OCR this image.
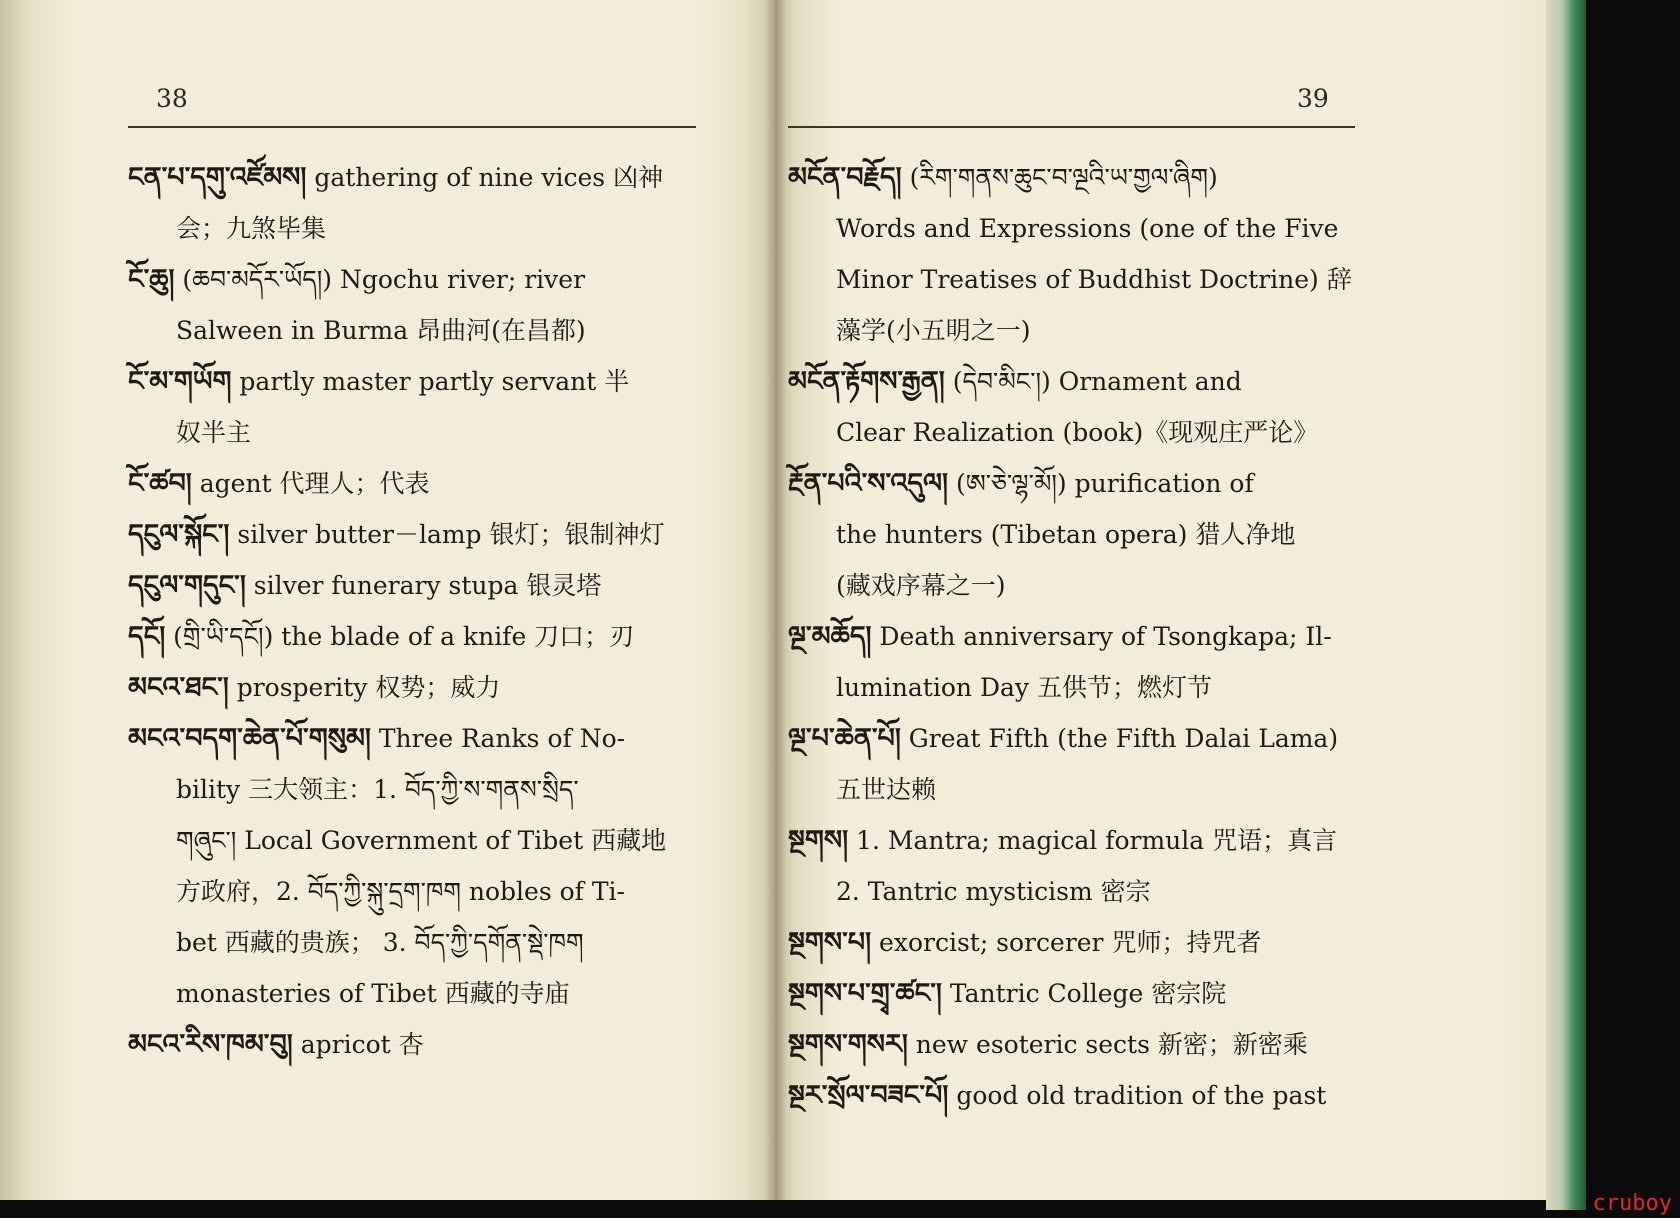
38
ངན་པ་དགུ་འཛོམས། gathering of nine vices 凶神
会；九煞毕集
ངོ་ཆུ། (ཆབ་མདོར་ཡོད།) Ngochu river; river
Salween in Burma 昂曲河(在昌都)
ངོ་མ་གཡོག partly master partly servant 半
奴半主
ངོ་ཚབ། agent 代理人；代表
དངུལ་སྐོང་། silver butter－lamp 银灯；银制神灯
དངུལ་གདུང་། silver funerary stupa 银灵塔
དངོ། (གྲི་ཡི་དངོ།) the blade of a knife 刀口；刃
མངའ་ཐང་། prosperity 权势；威力
མངའ་བདག་ཆེན་པོ་གསུམ། Three Ranks of No-
bility 三大领主：1. བོད་ཀྱི་ས་གནས་སྲིད་
གཞུང་། Local Government of Tibet 西藏地
方政府，2. བོད་ཀྱི་སྐུ་དྲག་ཁག nobles of Ti-
bet 西藏的贵族； 3. བོད་ཀྱི་དགོན་སྡེ་ཁག
monasteries of Tibet 西藏的寺庙
མངའ་རིས་ཁམ་བུ། apricot 杏
39
མངོན་བརྗོད། (རིག་གནས་ཆུང་བ་ལྔའི་ཡ་གྱལ་ཞིག)
Words and Expressions (one of the Five
Minor Treatises of Buddhist Doctrine) 辞
藻学(小五明之一)
མངོན་རྟོགས་རྒྱན། (དེབ་མིང་།) Ornament and
Clear Realization (book)《现观庄严论》
རྔོན་པའི་ས་འདུལ། (ཨ་ཅེ་ལྷ་མོ།) purification of
the hunters (Tibetan opera) 猎人净地
(藏戏序幕之一)
ལྔ་མཆོད། Death anniversary of Tsongkapa; Il-
lumination Day 五供节；燃灯节
ལྔ་པ་ཆེན་པོ། Great Fifth (the Fifth Dalai Lama)
五世达赖
སྔགས། 1. Mantra; magical formula 咒语；真言
2. Tantric mysticism 密宗
སྔགས་པ། exorcist; sorcerer 咒师；持咒者
སྔགས་པ་གྲྭ་ཚང་། Tantric College 密宗院
སྔགས་གསར། new esoteric sects 新密；新密乘
སྔར་སྲོལ་བཟང་པོ། good old tradition of the past
cruboy
